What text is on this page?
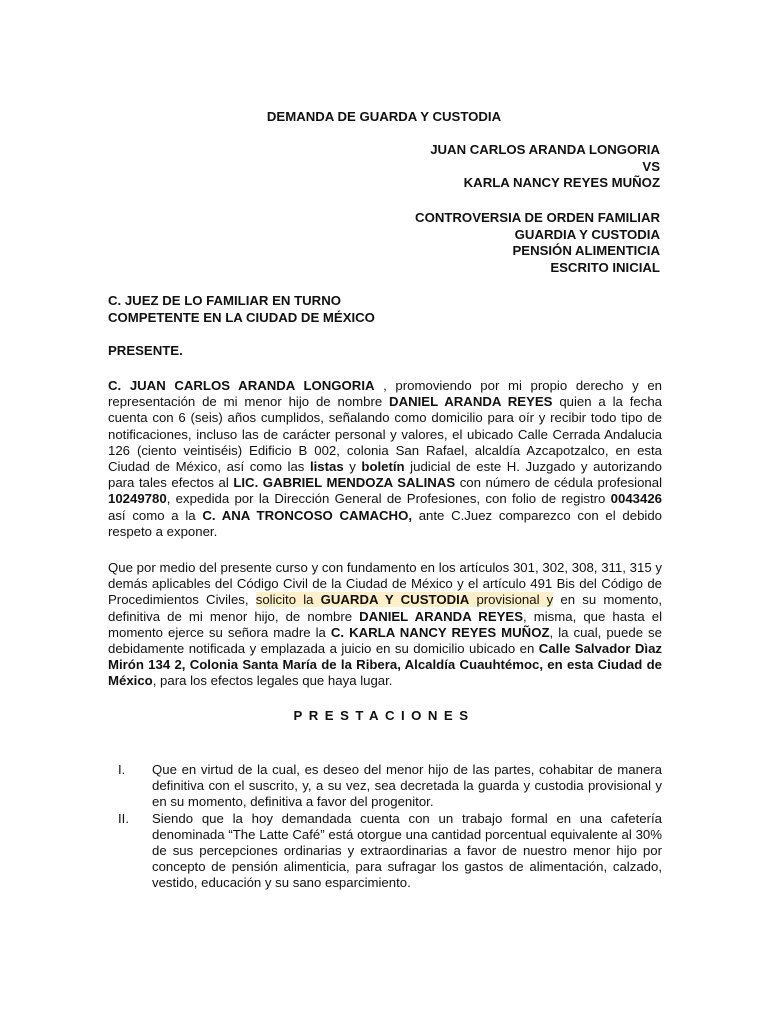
DEMANDA DE GUARDA Y CUSTODIA
JUAN CARLOS ARANDA LONGORIA
VS
KARLA NANCY REYES MUÑOZ
CONTROVERSIA DE ORDEN FAMILIAR
GUARDIA Y CUSTODIA
PENSIÓN ALIMENTICIA
ESCRITO INICIAL
C. JUEZ DE LO FAMILIAR EN TURNO
COMPETENTE EN LA CIUDAD DE MÉXICO
PRESENTE.
C. JUAN CARLOS ARANDA LONGORIA , promoviendo por mi propio derecho y en representación de mi menor hijo de nombre DANIEL ARANDA REYES quien a la fecha cuenta con 6 (seis) años cumplidos, señalando como domicilio para oír y recibir todo tipo de notificaciones, incluso las de carácter personal y valores, el ubicado Calle Cerrada Andalucia 126 (ciento veintiséis) Edificio B 002, colonia San Rafael, alcaldía Azcapotzalco, en esta Ciudad de México, así como las listas y boletín judicial de este H. Juzgado y autorizando para tales efectos al LIC. GABRIEL MENDOZA SALINAS con número de cédula profesional 10249780, expedida por la Dirección General de Profesiones, con folio de registro 0043426 así como a la C. ANA TRONCOSO CAMACHO, ante C.Juez comparezco con el debido respeto a exponer.
Que por medio del presente curso y con fundamento en los artículos 301, 302, 308, 311, 315 y demás aplicables del Código Civil de la Ciudad de México y el artículo 491 Bis del Código de Procedimientos Civiles, solicito la GUARDA Y CUSTODIA provisional y en su momento, definitiva de mi menor hijo, de nombre DANIEL ARANDA REYES, misma, que hasta el momento ejerce su señora madre la C. KARLA NANCY REYES MUÑOZ, la cual, puede se debidamente notificada y emplazada a juicio en su domicilio ubicado en Calle Salvador Dìaz Mirón 134 2, Colonia Santa María de la Ribera, Alcaldía Cuauhtémoc, en esta Ciudad de México, para los efectos legales que haya lugar.
PRESTACIONES
I. Que en virtud de la cual, es deseo del menor hijo de las partes, cohabitar de manera definitiva con el suscrito, y, a su vez, sea decretada la guarda y custodia provisional y en su momento, definitiva a favor del progenitor.
II. Siendo que la hoy demandada cuenta con un trabajo formal en una cafetería denominada “The Latte Café” está otorgue una cantidad porcentual equivalente al 30% de sus percepciones ordinarias y extraordinarias a favor de nuestro menor hijo por concepto de pensión alimenticia, para sufragar los gastos de alimentación, calzado, vestido, educación y su sano esparcimiento.
